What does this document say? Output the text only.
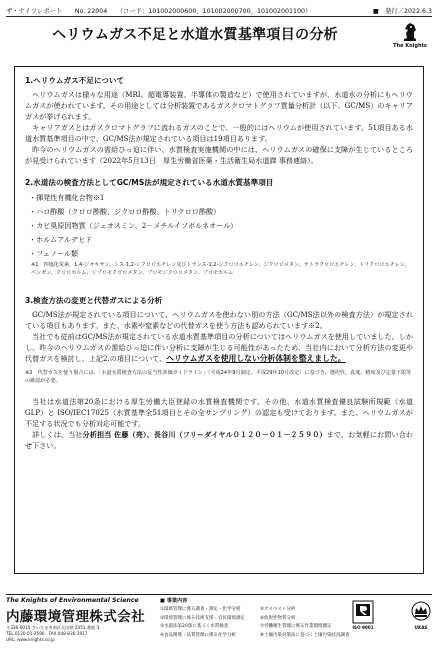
ザ・ナイツレポート　　No. 22004　　（コード：101002000600、101002000700、101002001100）	■　発行／2022.6.3
ヘリウムガス不足と水道水質基準項目の分析
The Knights
1.ヘリウムガス不足について

ヘリウムガスは様々な用途（MRI、超電導装置、半導体の製造など）で使用されていますが、水道水の分析にもヘリウムガスが使われています。その用途としては分析装置であるガスクロマトグラフ質量分析計（以下、GC/MS）のキャリアガスが挙げられます。

キャリアガスとはガスクロマトグラフに流れるガスのことで、一般的にはヘリウムが使用されています。51項目ある水道水質基準項目の中で、GC/MS法が規定されている項目は19項目あります。

昨今のヘリウムガスの需給ひっ迫に伴い、水質検査実施機関の中には、ヘリウムガスの確保に支障が生じているところが見受けられています（2022年5月13日　厚生労働省医薬・生活衛生局水道課 事務連絡）。

2.水道法の検査方法としてGC/MS法が規定されている水道水質基準項目
・揮発性有機化合物※1
・ハロ酢酸（クロロ酢酸、ジクロロ酢酸、トリクロロ酢酸）
・カビ臭原因物質（ジェオスミン、2－メチルイソボルネオール）
・ホルムアルデヒド
・フェノール類
※1　四塩化炭素、1,4-ジオキサン、シス-1,2-ジクロロエチレン及びトランス-1,2-ジクロロエチレン、ジクロロメタン、テトラクロロエチレン、トリクロロエチレン、ベンゼン、クロロホルム、ジブロモクロロメタン、ブロモジクロロメタン、ブロモホルム
3.検査方法の変更と代替ガスによる分析

GC/MS法が規定されている項目について、ヘリウムガスを使わない別の方法（GC/MS法以外の検査方法）が規定されている項目もあります。また、水素や窒素などの代替ガスを使う方法も認められています※2。

当社でも従前はGC/MS法が規定されている水道水質基準項目の分析についてはヘリウムガスを使用していました。しかし、昨今のヘリウムガスの需給ひっ迫に伴い分析に支障が生じる可能性があったため、当社内において分析方法の変更や代替ガスを検討し、上記2.の項目について、ヘリウムガスを使用しない分析体制を整えました。

※2　代替ガスを使う場合には、「水道水質検査方法の妥当性評価ガイドライン」（平成24年9月制定、平成29年10月改定）に基づき、選択性、真度、精度及び定量下限等の確認が必要。

当社は水道法第20条における厚生労働大臣登録の水質検査機関です。その他、水道水質検査優良試験所規範（水道GLP）と ISO/IEC17025（水質基準全51項目とその全サンプリング）の認定も受けております。また、ヘリウムガスが不足する状況でも分析対応可能です。

詳しくは、当社分析担当 佐藤（亮）、長谷川（フリーダイヤル０１２０－０１－２５９０）まで、お気軽にお問い合わせ下さい。

The Knights of Environmental Science
内藤環境管理株式会社
〒336-0015 さいたま市南区太田窪 2051 番地 3
TEL.0120-01-2590　FAX.048-836-2917
URL: www.knights.co.jp
■ 事業内容
①環境管理に係る調査・測定・化学分析	⑤アスベスト分析
②環境管理に係る技術支援・官民環境測定	⑥放射性物質分析
③水道法第20条に基づく水質検査	⑦労働衛生管理に係る作業環境測定
④食品関係・品質管理に係る化学分析	⑧土壌汚染対策法に基づく土壌汚染状況調査
ISO 9001	UKAS
